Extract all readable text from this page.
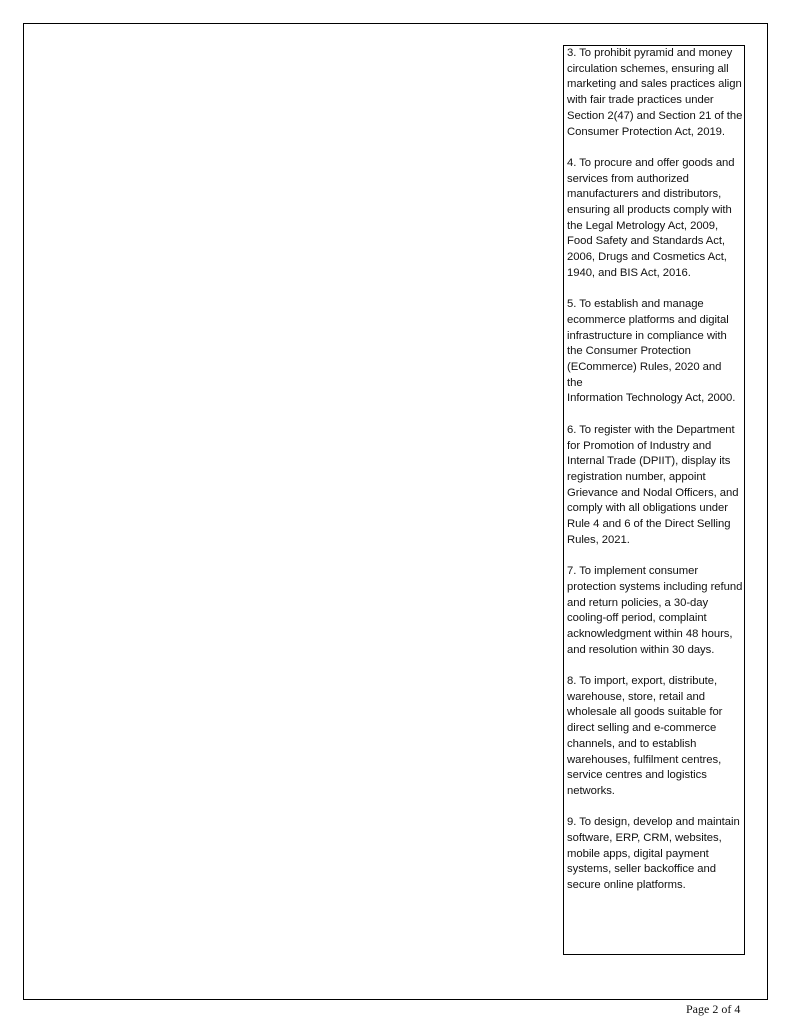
3. To prohibit pyramid and money circulation schemes, ensuring all marketing and sales practices align with fair trade practices under Section 2(47) and Section 21 of the Consumer Protection Act, 2019.

4. To procure and offer goods and services from authorized manufacturers and distributors, ensuring all products comply with the Legal Metrology Act, 2009, Food Safety and Standards Act, 2006, Drugs and Cosmetics Act, 1940, and BIS Act, 2016.

5. To establish and manage ecommerce platforms and digital infrastructure in compliance with the Consumer Protection (ECommerce) Rules, 2020 and
the
Information Technology Act, 2000.

6. To register with the Department for Promotion of Industry and Internal Trade (DPIIT), display its registration number, appoint Grievance and Nodal Officers, and comply with all obligations under Rule 4 and 6 of the Direct Selling Rules, 2021.

7. To implement consumer protection systems including refund and return policies, a 30-day cooling-off period, complaint acknowledgment within 48 hours, and resolution within 30 days.

8. To import, export, distribute, warehouse, store, retail and wholesale all goods suitable for direct selling and e-commerce channels, and to establish warehouses, fulfilment centres, service centres and logistics networks.

9. To design, develop and maintain software, ERP, CRM, websites, mobile apps, digital payment systems, seller backoffice and secure online platforms.

Page 2 of 4
